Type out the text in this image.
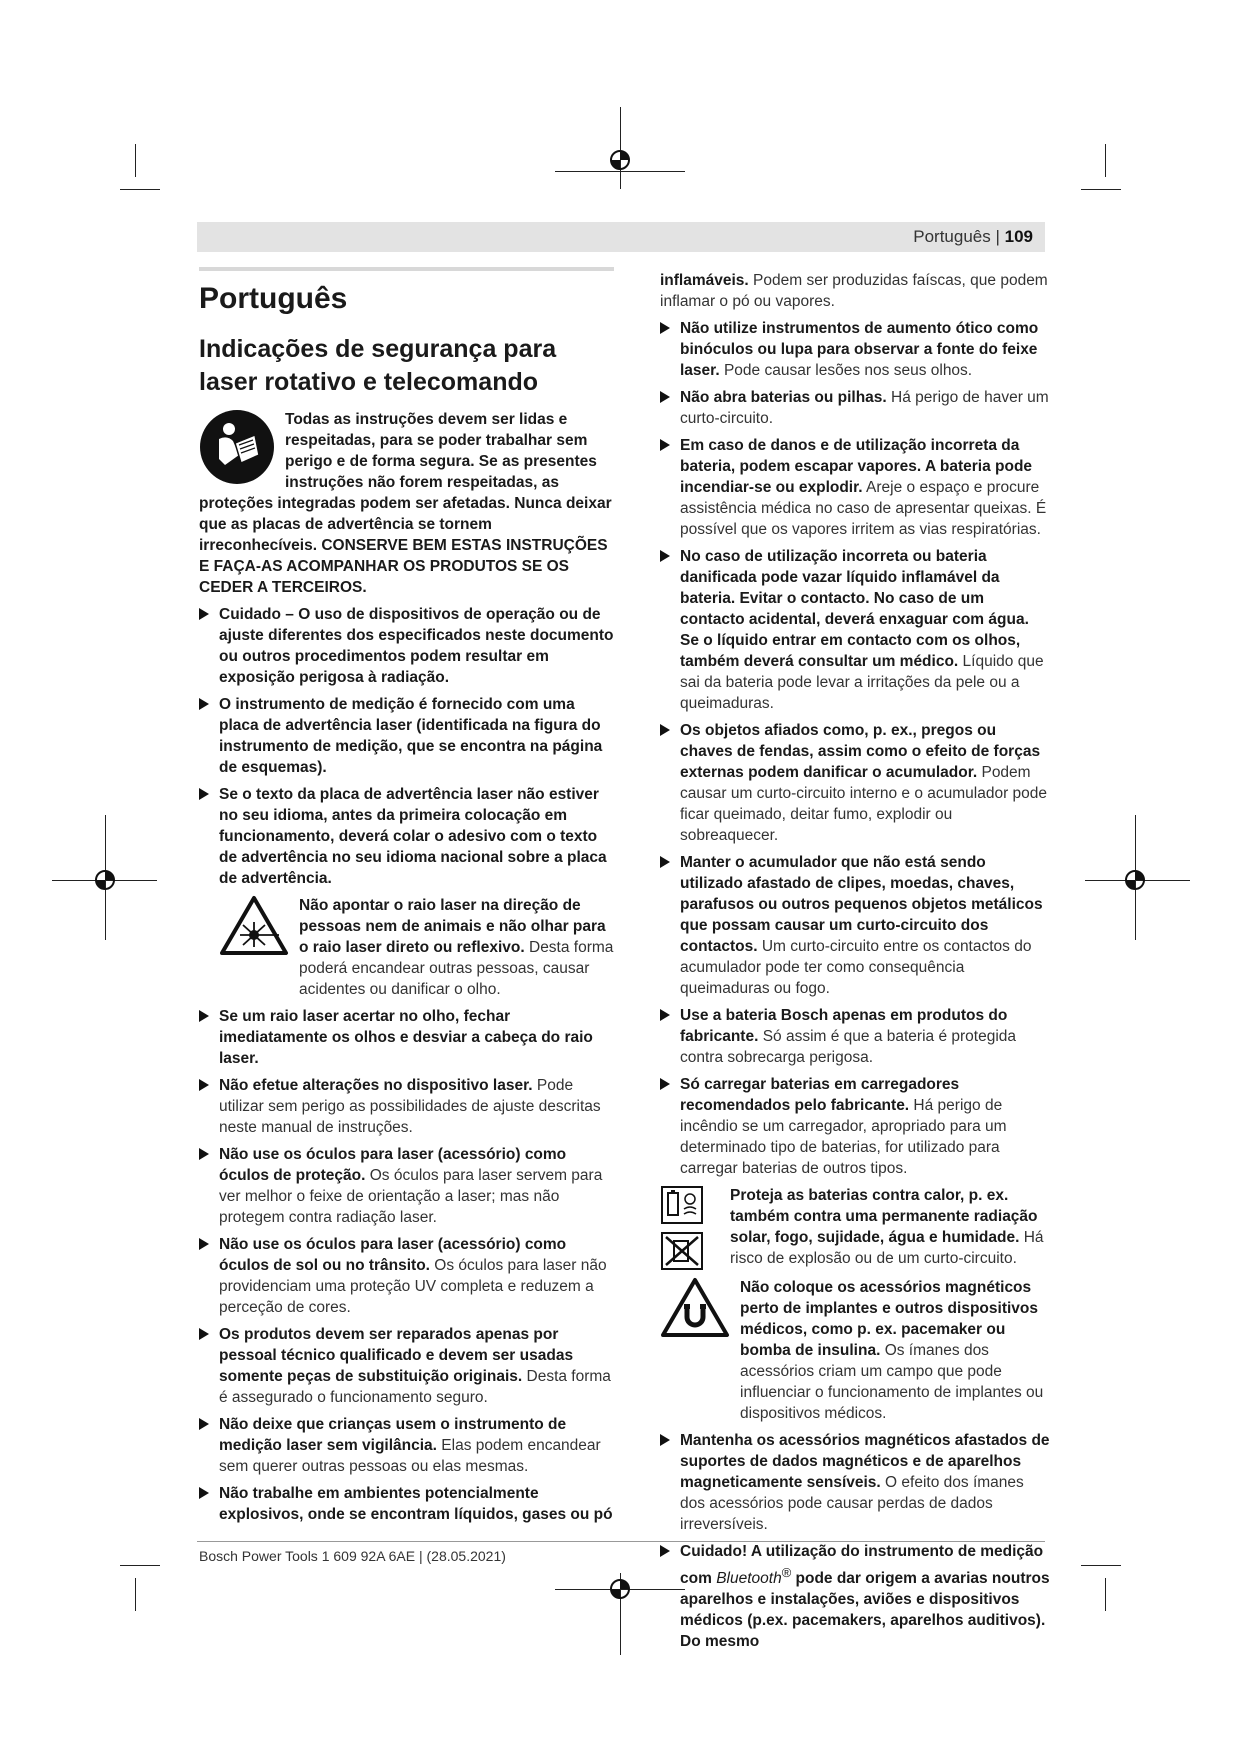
Português | 109
Português
Indicações de segurança para laser rotativo e telecomando

Todas as instruções devem ser lidas e respeitadas, para se poder trabalhar sem perigo e de forma segura. Se as presentes instruções não forem respeitadas, as proteções integradas podem ser afetadas. Nunca deixar que as placas de advertência se tornem irreconhecíveis. CONSERVE BEM ESTAS INSTRUÇÕES E FAÇA-AS ACOMPANHAR OS PRODUTOS SE OS CEDER A TERCEIROS.

Cuidado – O uso de dispositivos de operação ou de ajuste diferentes dos especificados neste documento ou outros procedimentos podem resultar em exposição perigosa à radiação.
O instrumento de medição é fornecido com uma placa de advertência laser (identificada na figura do instrumento de medição, que se encontra na página de esquemas).
Se o texto da placa de advertência laser não estiver no seu idioma, antes da primeira colocação em funcionamento, deverá colar o adesivo com o texto de advertência no seu idioma nacional sobre a placa de advertência.

Não apontar o raio laser na direção de pessoas nem de animais e não olhar para o raio laser direto ou reflexivo. Desta forma poderá encandear outras pessoas, causar acidentes ou danificar o olho.

Se um raio laser acertar no olho, fechar imediatamente os olhos e desviar a cabeça do raio laser.
Não efetue alterações no dispositivo laser. Pode utilizar sem perigo as possibilidades de ajuste descritas neste manual de instruções.
Não use os óculos para laser (acessório) como óculos de proteção. Os óculos para laser servem para ver melhor o feixe de orientação a laser; mas não protegem contra radiação laser.
Não use os óculos para laser (acessório) como óculos de sol ou no trânsito. Os óculos para laser não providenciam uma proteção UV completa e reduzem a perceção de cores.
Os produtos devem ser reparados apenas por pessoal técnico qualificado e devem ser usadas somente peças de substituição originais. Desta forma é assegurado o funcionamento seguro.
Não deixe que crianças usem o instrumento de medição laser sem vigilância. Elas podem encandear sem querer outras pessoas ou elas mesmas.
Não trabalhe em ambientes potencialmente explosivos, onde se encontram líquidos, gases ou pó

inflamáveis. Podem ser produzidas faíscas, que podem inflamar o pó ou vapores.

Não utilize instrumentos de aumento ótico como binóculos ou lupa para observar a fonte do feixe laser. Pode causar lesões nos seus olhos.
Não abra baterias ou pilhas. Há perigo de haver um curto-circuito.
Em caso de danos e de utilização incorreta da bateria, podem escapar vapores. A bateria pode incendiar-se ou explodir. Areje o espaço e procure assistência médica no caso de apresentar queixas. É possível que os vapores irritem as vias respiratórias.
No caso de utilização incorreta ou bateria danificada pode vazar líquido inflamável da bateria. Evitar o contacto. No caso de um contacto acidental, deverá enxaguar com água. Se o líquido entrar em contacto com os olhos, também deverá consultar um médico. Líquido que sai da bateria pode levar a irritações da pele ou a queimaduras.
Os objetos afiados como, p. ex., pregos ou chaves de fendas, assim como o efeito de forças externas podem danificar o acumulador. Podem causar um curto-circuito interno e o acumulador pode ficar queimado, deitar fumo, explodir ou sobreaquecer.
Manter o acumulador que não está sendo utilizado afastado de clipes, moedas, chaves, parafusos ou outros pequenos objetos metálicos que possam causar um curto-circuito dos contactos. Um curto-circuito entre os contactos do acumulador pode ter como consequência queimaduras ou fogo.
Use a bateria Bosch apenas em produtos do fabricante. Só assim é que a bateria é protegida contra sobrecarga perigosa.
Só carregar baterias em carregadores recomendados pelo fabricante. Há perigo de incêndio se um carregador, apropriado para um determinado tipo de baterias, for utilizado para carregar baterias de outros tipos.

Proteja as baterias contra calor, p. ex. também contra uma permanente radiação solar, fogo, sujidade, água e humidade. Há risco de explosão ou de um curto-circuito.

Não coloque os acessórios magnéticos perto de implantes e outros dispositivos médicos, como p. ex. pacemaker ou bomba de insulina. Os ímanes dos acessórios criam um campo que pode influenciar o funcionamento de implantes ou dispositivos médicos.

Mantenha os acessórios magnéticos afastados de suportes de dados magnéticos e de aparelhos magneticamente sensíveis. O efeito dos ímanes dos acessórios pode causar perdas de dados irreversíveis.
Cuidado! A utilização do instrumento de medição com Bluetooth® pode dar origem a avarias noutros aparelhos e instalações, aviões e dispositivos médicos (p.ex. pacemakers, aparelhos auditivos). Do mesmo
Bosch Power Tools 1 609 92A 6AE | (28.05.2021)
